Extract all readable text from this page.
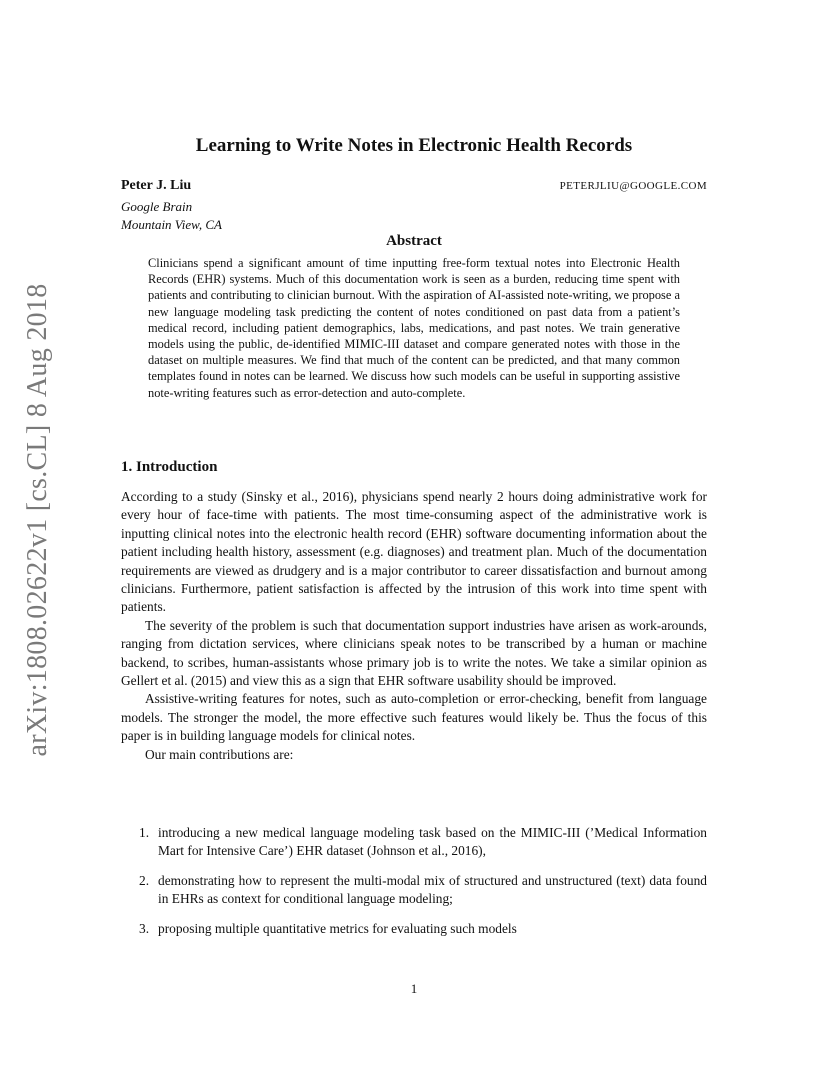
arXiv:1808.02622v1 [cs.CL] 8 Aug 2018
Learning to Write Notes in Electronic Health Records
Peter J. Liu	PETERJLIU@GOOGLE.COM
Google Brain
Mountain View, CA
Abstract

Clinicians spend a significant amount of time inputting free-form textual notes into Electronic Health Records (EHR) systems. Much of this documentation work is seen as a burden, reducing time spent with patients and contributing to clinician burnout. With the aspiration of AI-assisted note-writing, we propose a new language modeling task predicting the content of notes conditioned on past data from a patient’s medical record, including patient demographics, labs, medications, and past notes. We train generative models using the public, de-identified MIMIC-III dataset and compare generated notes with those in the dataset on multiple measures. We find that much of the content can be predicted, and that many common templates found in notes can be learned. We discuss how such models can be useful in supporting assistive note-writing features such as error-detection and auto-complete.

1. Introduction

According to a study (Sinsky et al., 2016), physicians spend nearly 2 hours doing administrative work for every hour of face-time with patients. The most time-consuming aspect of the administrative work is inputting clinical notes into the electronic health record (EHR) software documenting information about the patient including health history, assessment (e.g. diagnoses) and treatment plan. Much of the documentation requirements are viewed as drudgery and is a major contributor to career dissatisfaction and burnout among clinicians. Furthermore, patient satisfaction is affected by the intrusion of this work into time spent with patients.

The severity of the problem is such that documentation support industries have arisen as work-arounds, ranging from dictation services, where clinicians speak notes to be transcribed by a human or machine backend, to scribes, human-assistants whose primary job is to write the notes. We take a similar opinion as Gellert et al. (2015) and view this as a sign that EHR software usability should be improved.

Assistive-writing features for notes, such as auto-completion or error-checking, benefit from language models. The stronger the model, the more effective such features would likely be. Thus the focus of this paper is in building language models for clinical notes.

Our main contributions are:

1. introducing a new medical language modeling task based on the MIMIC-III (’Medical Information Mart for Intensive Care’) EHR dataset (Johnson et al., 2016),
2. demonstrating how to represent the multi-modal mix of structured and unstructured (text) data found in EHRs as context for conditional language modeling;
3. proposing multiple quantitative metrics for evaluating such models
1
